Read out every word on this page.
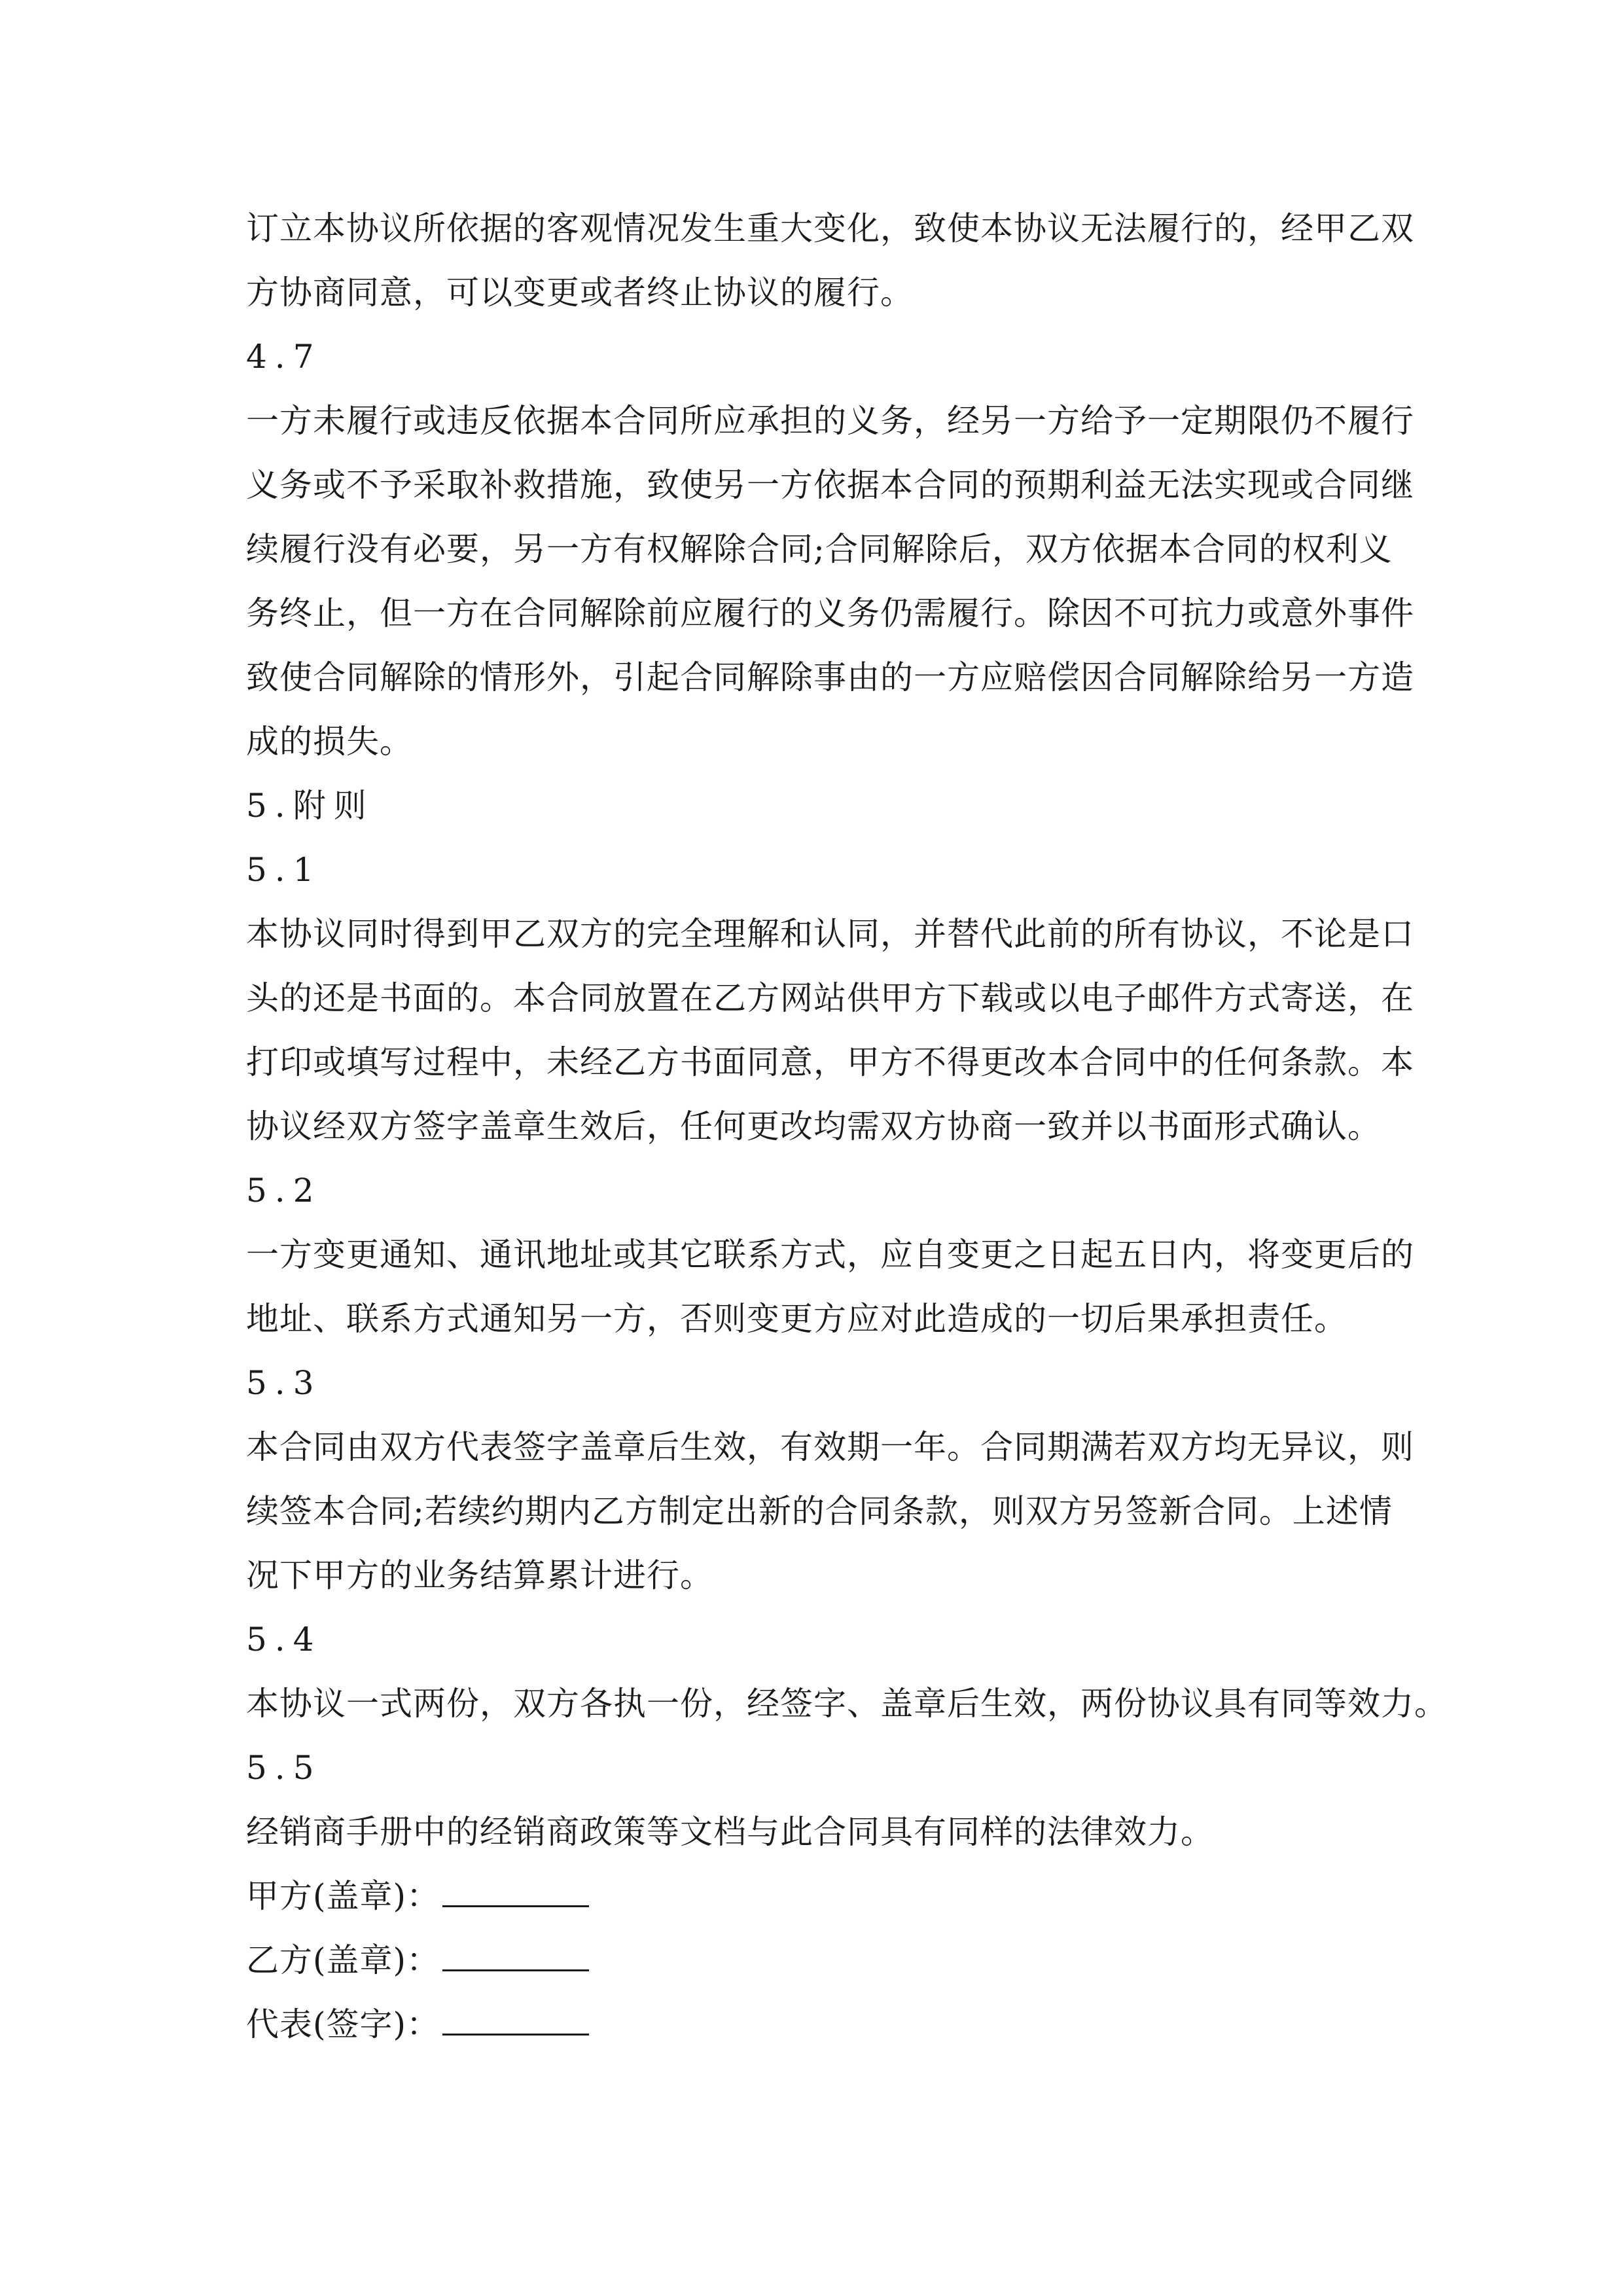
订立本协议所依据的客观情况发生重大变化，致使本协议无法履行的，经甲乙双
方协商同意，可以变更或者终止协议的履行。
4.7
一方未履行或违反依据本合同所应承担的义务，经另一方给予一定期限仍不履行
义务或不予采取补救措施，致使另一方依据本合同的预期利益无法实现或合同继
续履行没有必要，另一方有权解除合同;合同解除后，双方依据本合同的权利义
务终止，但一方在合同解除前应履行的义务仍需履行。除因不可抗力或意外事件
致使合同解除的情形外，引起合同解除事由的一方应赔偿因合同解除给另一方造
成的损失。
5.附则
5.1
本协议同时得到甲乙双方的完全理解和认同，并替代此前的所有协议，不论是口
头的还是书面的。本合同放置在乙方网站供甲方下载或以电子邮件方式寄送，在
打印或填写过程中，未经乙方书面同意，甲方不得更改本合同中的任何条款。本
协议经双方签字盖章生效后，任何更改均需双方协商一致并以书面形式确认。
5.2
一方变更通知、通讯地址或其它联系方式，应自变更之日起五日内，将变更后的
地址、联系方式通知另一方，否则变更方应对此造成的一切后果承担责任。
5.3
本合同由双方代表签字盖章后生效，有效期一年。合同期满若双方均无异议，则
续签本合同;若续约期内乙方制定出新的合同条款，则双方另签新合同。上述情
况下甲方的业务结算累计进行。
5.4
本协议一式两份，双方各执一份，经签字、盖章后生效，两份协议具有同等效力。
5.5
经销商手册中的经销商政策等文档与此合同具有同样的法律效力。
甲方(盖章)：
乙方(盖章)：
代表(签字)：
